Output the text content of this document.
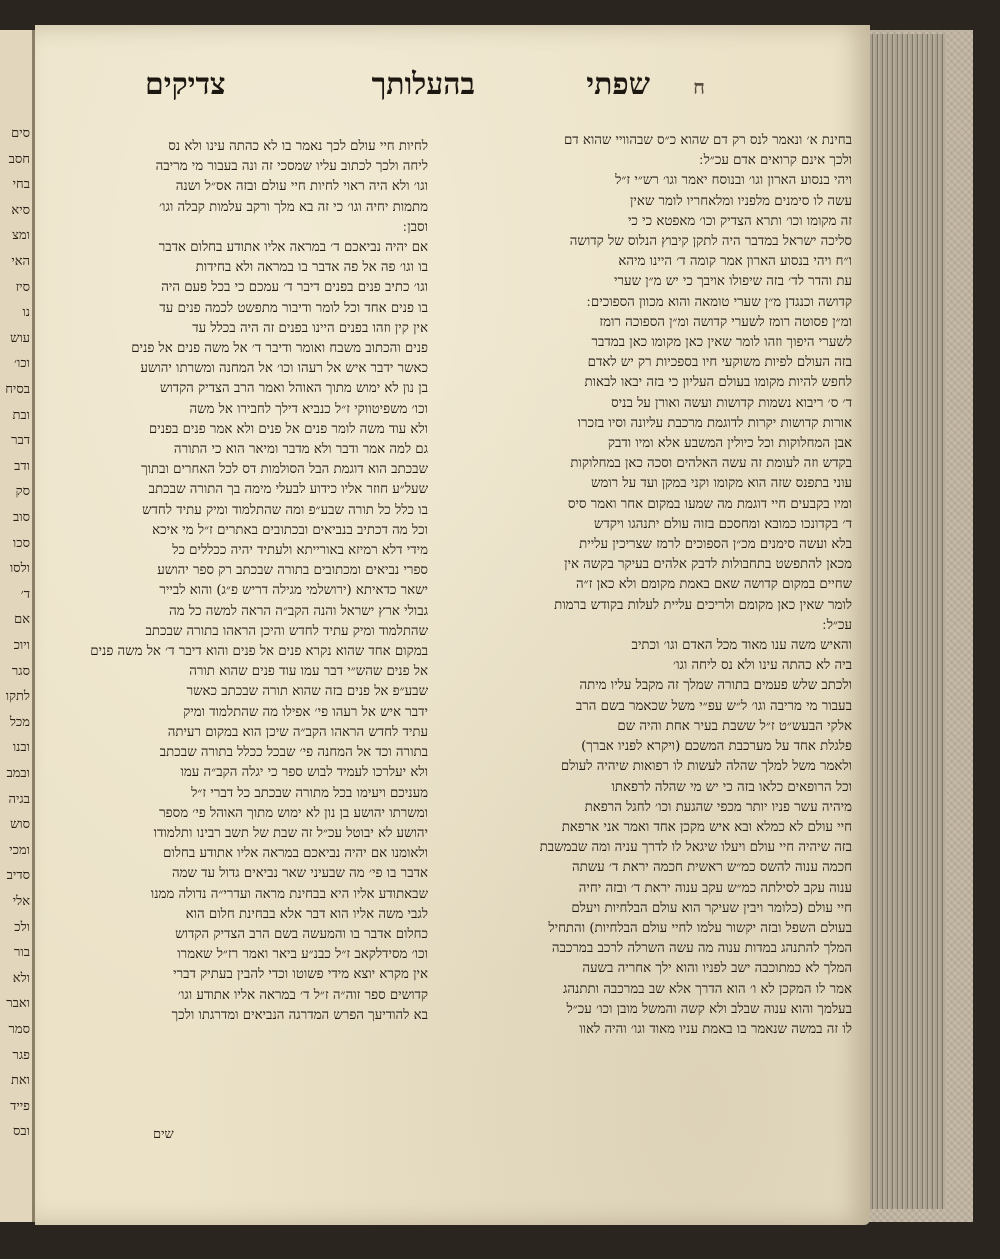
סים
חסב
בחי
סיא
ומצ
האי
סיז
נו
עוש
וכו׳
בסיח
ובת
דבר
ודב
סק
סוב
סכו
ולסו
ד׳
אם
ויוכ
סגר
לתקו
מכל
ובנו
ובמב
בגיה
סוש
ומכי
סדיב
אלי
ולכ
בור
ולא
ואבר
סמר
פגר
ואת
פייד
ובס
ח
שפתי
בהעלותך
צדיקים

בחינת א׳ ונאמר לנס רק דם שהוא כ״ס שבהוויי שהוא דם

ולכך אינם קרואים אדם עכ״ל ׃

ויהי בנסוע הארון וגו׳ ובנוסח יאמר וגו׳ רש״י ז״ל

עשה לו סימנים מלפניו ומלאחריו לומר שאין

זה מקומו וכו׳ ותרא הצדיק וכו׳ מאפטא כי כי

סליכה ישראל במדבר היה לתקן קיבוץ הנלוס של קדושה

ו״ח ויהי בנסוע הארון אמר קומה ד׳ היינו מיהא

עת והדר לד׳ בזה שיפולו אויבך כי יש מ״ן שערי

קדושה וכנגדן מ״ן שערי טומאה והוא מכוון הספוכים ׃

ומ״ן פסוטה רומז לשערי קדושה ומ״ן הספוכה רומז

לשערי היפוך וזהו לומר שאין כאן מקומו כאן במדבר

בזה העולם לפיות משוקעי חיו בספכיות רק יש לאדם

לחפש להיות מקומו בעולם העליון כי בזה יבאו לבאות

ד׳ ס׳ ריבוא נשמות קדושות ועשה ואורן על בניס

אורות קדושות יקרות לדוגמת מרכבת עליונה וסיו בזכרו

אבן המחלוקות וכל כיולין המשבע אלא ומיו ודבק

בקדש וזה לעומת זה עשה האלהים וסכה כאן במחלוקות

עוני בתפנס שזה הוא מקומו וקני במקן ועד על רומש

ומיו בקבעים חיי דוגמת מה שמעו במקום אחר ואמר סיס

ד׳ בקדונכו כמובא ומחסכם בזוה עולם יתנהגו ויקדש

בלא ועשה סימנים מכ״ן הספוכים לרמז שצריכין עליית

מכאן להתפשט בתחבולות לדבק אלהים בעיקר בקשה אין

שחיים במקום קדושה שאם באמת מקומם ולא כאן ז״ה

לומר שאין כאן מקומם ולריכים עליית לעלות בקודש ברמות

עכ״ל ׃

והאיש משה ענו מאוד מכל האדם וגו׳ וכתיב

ביה לא כהתה עינו ולא נס ליחה וגו׳

ולכתב שלש פעמים בתורה שמלך זה מקבל עליו מיתה

בעבור מי מריבה וגו׳ ל״ש עפ״י משל שכאמר בשם הרב

אלקי הבעש״ט ז״ל ששבת בעיר אחת והיה שם

פלגלת אחד על מערכבת המשכם (ויקרא לפניו אברך)

ולאמר משל למלך שהלה לעשות לו רפואות שיהיה לעולם

וכל הרופאים כלאו בזה כי יש מי שהלה לרפאתו

מיהיה עשר פניו יותר מכפי שהגעת וכו׳ לחגל הרפאת

חיי עולם לא כמלא ובא איש מקכן אחד ואמר אני ארפאת

בזה שיהיה חיי עולם ויעלו שיגאל לו לדרך עניה ומה שבמשבת

חכמה ענוה להשס כמ״ש ראשית חכמה יראת ד׳ עשתה

ענוה עקב לסילתה כמ״ש עקב ענוה יראת ד׳ ובזה יחיה

חיי עולם (כלומר ויבין שעיקר הוא עולם הבלחיות ויעלם

בעולם השפל ובזה יקשור עלמו לחיי עולם הבלחיות) והתחיל

המלך להתנהג במדות ענוה מה עשה השרלה לרכב במרכבה

המלך לא כמתוכבה ישב לפניו והוא ילך אחריה בשעה

אמר לו המקכן לא ו׳ הוא הדרך אלא שב במרכבה ותתנהג

בעלמך והוא ענוה שבלב ולא קשה והמשל מובן וכו׳ עכ״ל

לו זה במשה שנאמר בו באמת עניו מאוד וגו׳ והיה לאוו

לחיות חיי עולם לכך נאמר בו לא כהתה עינו ולא נס

ליחה ולכך לכתוב עליו שמסכי זה ונה בעבור מי מריבה

וגו׳ ולא היה ראוי לחיות חיי עולם ובזה אס״ל ושנה

מתמות יחיה וגו׳ כי זה בא מלך ורקב עלמות קבלה וגו׳

וסבן ׃

אם יהיה נביאכם ד׳ במראה אליו אתודע בחלום אדבר

בו וגו׳ פה אל פה אדבר בו במראה ולא בחידות

וגו׳ כתיב פנים בפנים דיבר ד׳ עמכם כי בכל פעם היה

בו פנים אחד וכל לומר ודיבור מתפשט לכמה פנים עד

אין קין וזהו בפנים היינו בפנים זה היה בכלל עד

פנים והכתוב משבח ואומר ודיבר ד׳ אל משה פנים אל פנים

כאשר ידבר איש אל רעהו וכו׳ אל המחנה ומשרתו יהושע

בן נון לא ימוש מתוך האוהל ואמר הרב הצדיק הקדוש

וכו׳ משפיטווקי ז״ל כנביא דילך לחבירו אל משה

ולא עוד משה לומר פנים אל פנים ולא אמר פנים בפנים

גם למה אמר ודבר ולא מדבר ומיאר הוא כי התורה

שבכתב הוא דוגמת הבל הסולמות דס לכל האחרים ובתוך

שעל״ע חוזר אליו כידוע לבעלי מימה בך התורה שבכתב

בו כלל כל תורה שבע״פ ומה שהתלמוד ומיק עתיד לחדש

וכל מה דכתיב בנביאים ובכתובים באתרים ז״ל מי איכא

מידי דלא רמיזא באורייתא ולעתיד יהיה ככללים כל

ספרי נביאים ומכתובים בתורה שבכתב רק ספר יהושע

ישאר כדאיתא (ירושלמי מגילה דריש פ״ג) והוא לבייר

גבולי ארץ ישראל והנה הקב״ה הראה למשה כל מה

שהתלמוד ומיק עתיד לחדש והיכן הראהו בתורה שבכתב

במקום אחד שהוא נקרא פנים אל פנים והוא דיבר ד׳ אל משה פנים

אל פנים שהש״י דבר עמו עוד פנים שהוא תורה

שבע״פ אל פנים בזה שהוא תורה שבכתב כאשר

ידבר איש אל רעהו פי׳ אפילו מה שהתלמוד ומיק

עתיד לחדש הראהו הקב״ה שיכן הוא במקום רעיתה

בתורה וכד אל המחנה פי׳ שבכל ככלל בתורה שבכתב

ולא יעלרכו לעמיד לבוש ספר כי יגלה הקב״ה עמו

מעניכם ויעימו בכל מתורה שבכתב כל דברי ז״ל

ומשרתו יהושע בן נון לא ימוש מתוך האוהל פי׳ מספר

יהושע לא יבוטל עכ״ל זה שבת של תשב רבינו ותלמודו

ולאומנו אם יהיה נביאכם במראה אליו אתודע בחלום

אדבר בו פי׳ מה שבעיני שאר נביאים גדול עד שמה

שבאתודע אליו היא בבחינת מראה ועדרי״ה נדולה ממנו

לגבי משה אליו הוא דבר אלא בבחינת חלום הוא

כחלום אדבר בו והמעשה בשם הרב הצדיק הקדוש

וכו׳ מסידלקאב ז״ל כבנ״ע ביאר ואמר רז״ל שאמרו

אין מקרא יוצא מידי פשוטו וכדי להבין בעתיק דברי

קדושים ספר זוה״ה ז״ל ד׳ במראה אליו אתודע וגו׳

בא להודיעך הפרש המדרגה הנביאים ומדרגתו ולכך

שים
